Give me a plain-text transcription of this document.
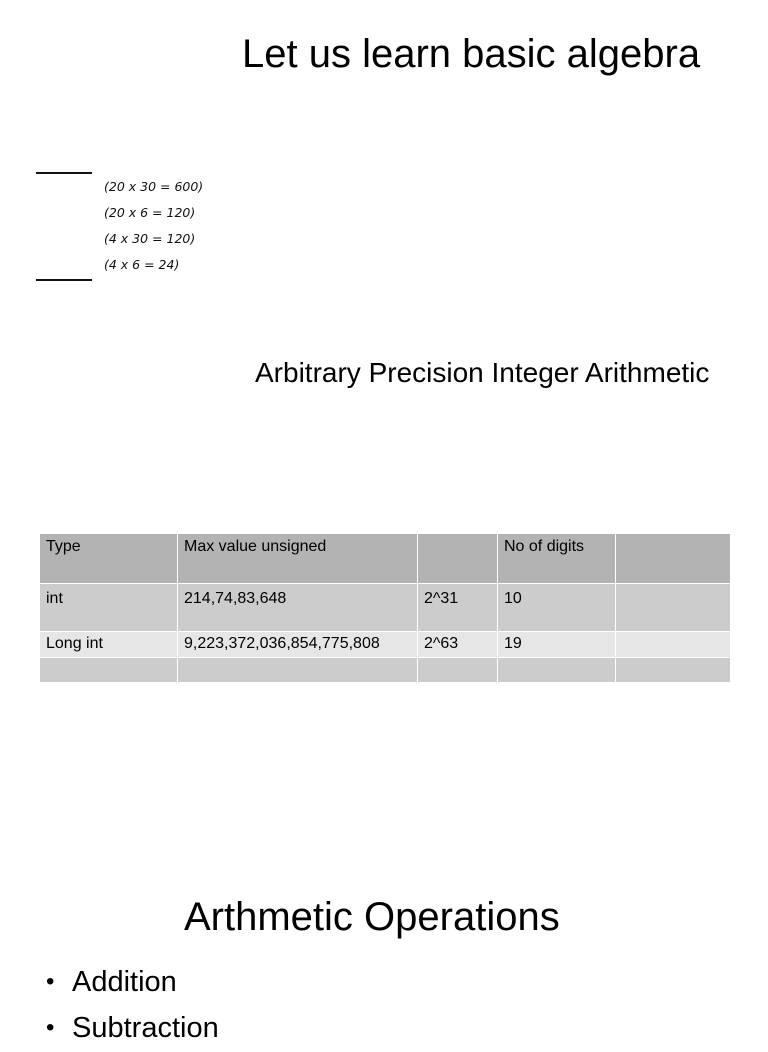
Let us learn basic algebra
(20 x 30 = 600)
(20 x 6 = 120)
(4 x 30 = 120)
(4 x 6 = 24)
Arbitrary Precision Integer Arithmetic
Type	Max value unsigned		No of digits	
int	214,74,83,648	2^31	10	
Long int	9,223,372,036,854,775,808	2^63	19	

Arthmetic Operations
• Addition
• Subtraction
